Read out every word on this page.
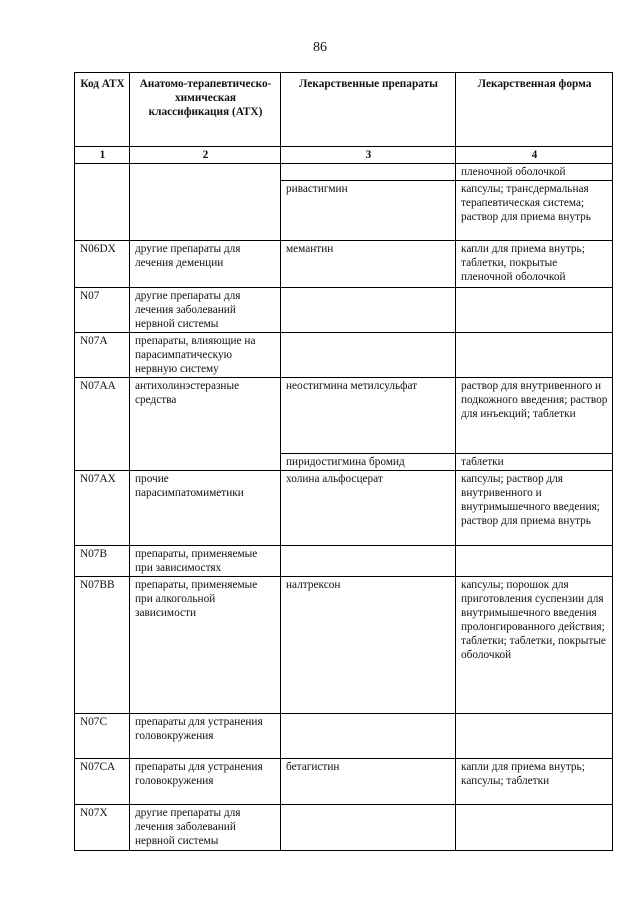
86
Код АТХ	Анатомо-терапевтическо-химическая классификация (АТХ)	Лекарственные препараты	Лекарственная форма
1	2	3	4
			пленочной оболочкой
		ривастигмин	капсулы; трансдермальная терапевтическая система; раствор для приема внутрь
N06DX	другие препараты для лечения деменции	мемантин	капли для приема внутрь; таблетки, покрытые пленочной оболочкой
N07	другие препараты для лечения заболеваний нервной системы		
N07A	препараты, влияющие на парасимпатическую нервную систему		
N07AA	антихолинэстеразные средства	неостигмина метилсульфат	раствор для внутривенного и подкожного введения; раствор для инъекций; таблетки
		пиридостигмина бромид	таблетки
N07AX	прочие парасимпатомиметики	холина альфосцерат	капсулы; раствор для внутривенного и внутримышечного введения; раствор для приема внутрь
N07B	препараты, применяемые при зависимостях		
N07BB	препараты, применяемые при алкогольной зависимости	налтрексон	капсулы; порошок для приготовления суспензии для внутримышечного введения пролонгированного действия; таблетки; таблетки, покрытые оболочкой
N07C	препараты для устранения головокружения		
N07CA	препараты для устранения головокружения	бетагистин	капли для приема внутрь; капсулы; таблетки
N07X	другие препараты для лечения заболеваний нервной системы		
